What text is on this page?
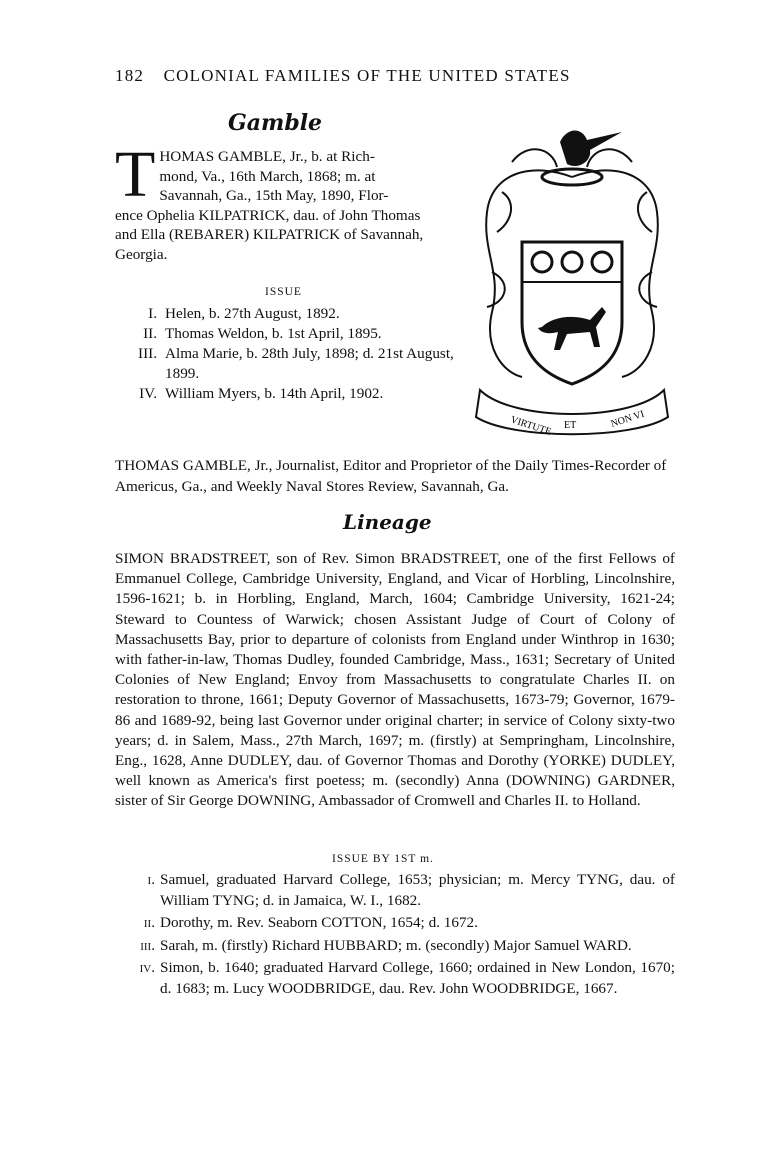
182 COLONIAL FAMILIES OF THE UNITED STATES
Gamble
T HOMAS GAMBLE, Jr., b. at Rich-
mond, Va., 16th March, 1868; m. at
Savannah, Ga., 15th May, 1890, Flor-
ence Ophelia KILPATRICK, dau. of John Thomas
and Ella (REBARER) KILPATRICK of Savannah,
Georgia.
ISSUE
I. Helen, b. 27th August, 1892.
II. Thomas Weldon, b. 1st April, 1895.
III. Alma Marie, b. 28th July, 1898; d. 21st August, 1899.
IV. William Myers, b. 14th April, 1902.
VIRTUTE ET	NON VI
THOMAS GAMBLE, Jr., Journalist, Editor and Proprietor of the Daily Times-Recorder of Americus, Ga., and Weekly Naval Stores Review, Savannah, Ga.
Lineage
SIMON BRADSTREET, son of Rev. Simon BRADSTREET, one of the first Fellows of Emmanuel College, Cambridge University, England, and Vicar of Horbling, Lincolnshire, 1596-1621; b. in Horbling, England, March, 1604; Cambridge University, 1621-24; Steward to Countess of Warwick; chosen Assistant Judge of Court of Colony of Massachusetts Bay, prior to departure of colonists from England under Winthrop in 1630; with father-in-law, Thomas Dudley, founded Cambridge, Mass., 1631; Secretary of United Colonies of New England; Envoy from Massachusetts to congratulate Charles II. on restoration to throne, 1661; Deputy Governor of Massachusetts, 1673-79; Governor, 1679-86 and 1689-92, being last Governor under original charter; in service of Colony sixty-two years; d. in Salem, Mass., 27th March, 1697; m. (firstly) at Sempringham, Lincolnshire, Eng., 1628, Anne DUDLEY, dau. of Governor Thomas and Dorothy (YORKE) DUDLEY, well known as America's first poetess; m. (secondly) Anna (DOWNING) GARDNER, sister of Sir George DOWNING, Ambassador of Cromwell and Charles II. to Holland.
ISSUE BY 1ST m.
i. Samuel, graduated Harvard College, 1653; physician; m. Mercy TYNG, dau. of William TYNG; d. in Jamaica, W. I., 1682.
ii. Dorothy, m. Rev. Seaborn COTTON, 1654; d. 1672.
iii. Sarah, m. (firstly) Richard HUBBARD; m. (secondly) Major Samuel WARD.
iv. Simon, b. 1640; graduated Harvard College, 1660; ordained in New London, 1670; d. 1683; m. Lucy WOODBRIDGE, dau. Rev. John WOODBRIDGE, 1667.
